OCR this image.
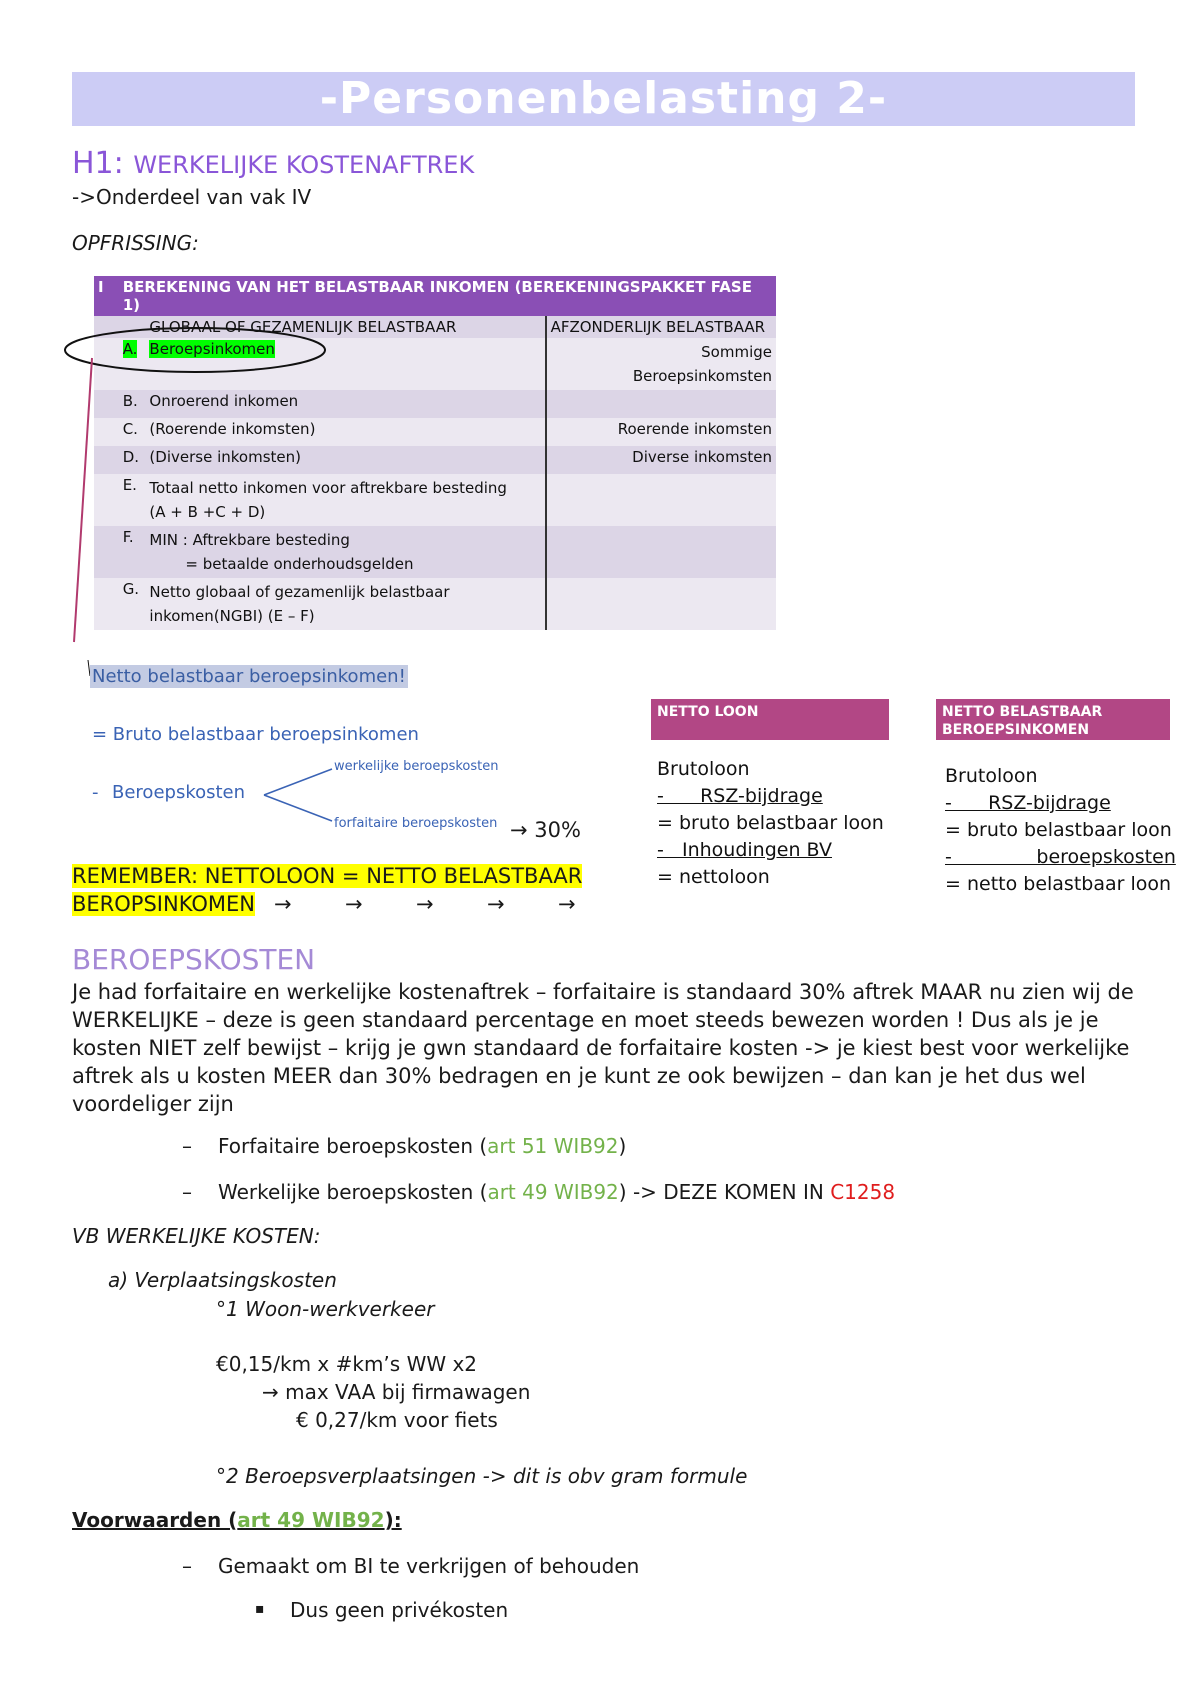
-Personenbelasting 2-
H1: WERKELIJKE KOSTENAFTREK
->Onderdeel van vak IV
OPFRISSING:
I	BEREKENING VAN HET BELASTBAAR INKOMEN (BEREKENINGSPAKKET FASE 1)		
		GLOBAAL OF GEZAMENLIJK BELASTBAAR	AFZONDERLIJK BELASTBAAR
	A.	Beroepsinkomen	Sommige
Beroepsinkomsten
	B.	Onroerend inkomen	
	C.	(Roerende inkomsten)	Roerende inkomsten
	D.	(Diverse inkomsten)	Diverse inkomsten
	E.	Totaal netto inkomen voor aftrekbare besteding
(A + B +C + D)	
	F.	MIN : Aftrekbare besteding
= betaalde onderhoudsgelden	
	G.	Netto globaal of gezamenlijk belastbaar
inkomen(NGBI) (E – F)	
Netto belastbaar beroepsinkomen!
= Bruto belastbaar beroepsinkomen
- Beroepskosten
werkelijke beroepskosten
forfaitaire beroepskosten → 30%
REMEMBER: NETTOLOON = NETTO BELASTBAAR
BEROPSINKOMEN →        →        →        →        →
NETTO LOON
Brutoloon
-      RSZ-bijdrage
= bruto belastbaar loon
-   Inhoudingen BV
= nettoloon
NETTO BELASTBAAR
BEROEPSINKOMEN
Brutoloon
-      RSZ-bijdrage
= bruto belastbaar loon
-              beroepskosten
= netto belastbaar loon
BEROEPSKOSTEN
Je had forfaitaire en werkelijke kostenaftrek – forfaitaire is standaard 30% aftrek MAAR nu zien wij de WERKELIJKE – deze is geen standaard percentage en moet steeds bewezen worden ! Dus als je je kosten NIET zelf bewijst – krijg je gwn standaard de forfaitaire kosten -> je kiest best voor werkelijke aftrek als u kosten MEER dan 30% bedragen en je kunt ze ook bewijzen – dan kan je het dus wel voordeliger zijn
– Forfaitaire beroepskosten (art 51 WIB92)
– Werkelijke beroepskosten (art 49 WIB92) -> DEZE KOMEN IN C1258
VB WERKELIJKE KOSTEN:
a) Verplaatsingskosten
°1 Woon-werkverkeer
€0,15/km x #km’s WW x2
→ max VAA bij firmawagen
€ 0,27/km voor fiets
°2 Beroepsverplaatsingen -> dit is obv gram formule
Voorwaarden (art 49 WIB92):
– Gemaakt om BI te verkrijgen of behouden
▪ Dus geen privékosten
